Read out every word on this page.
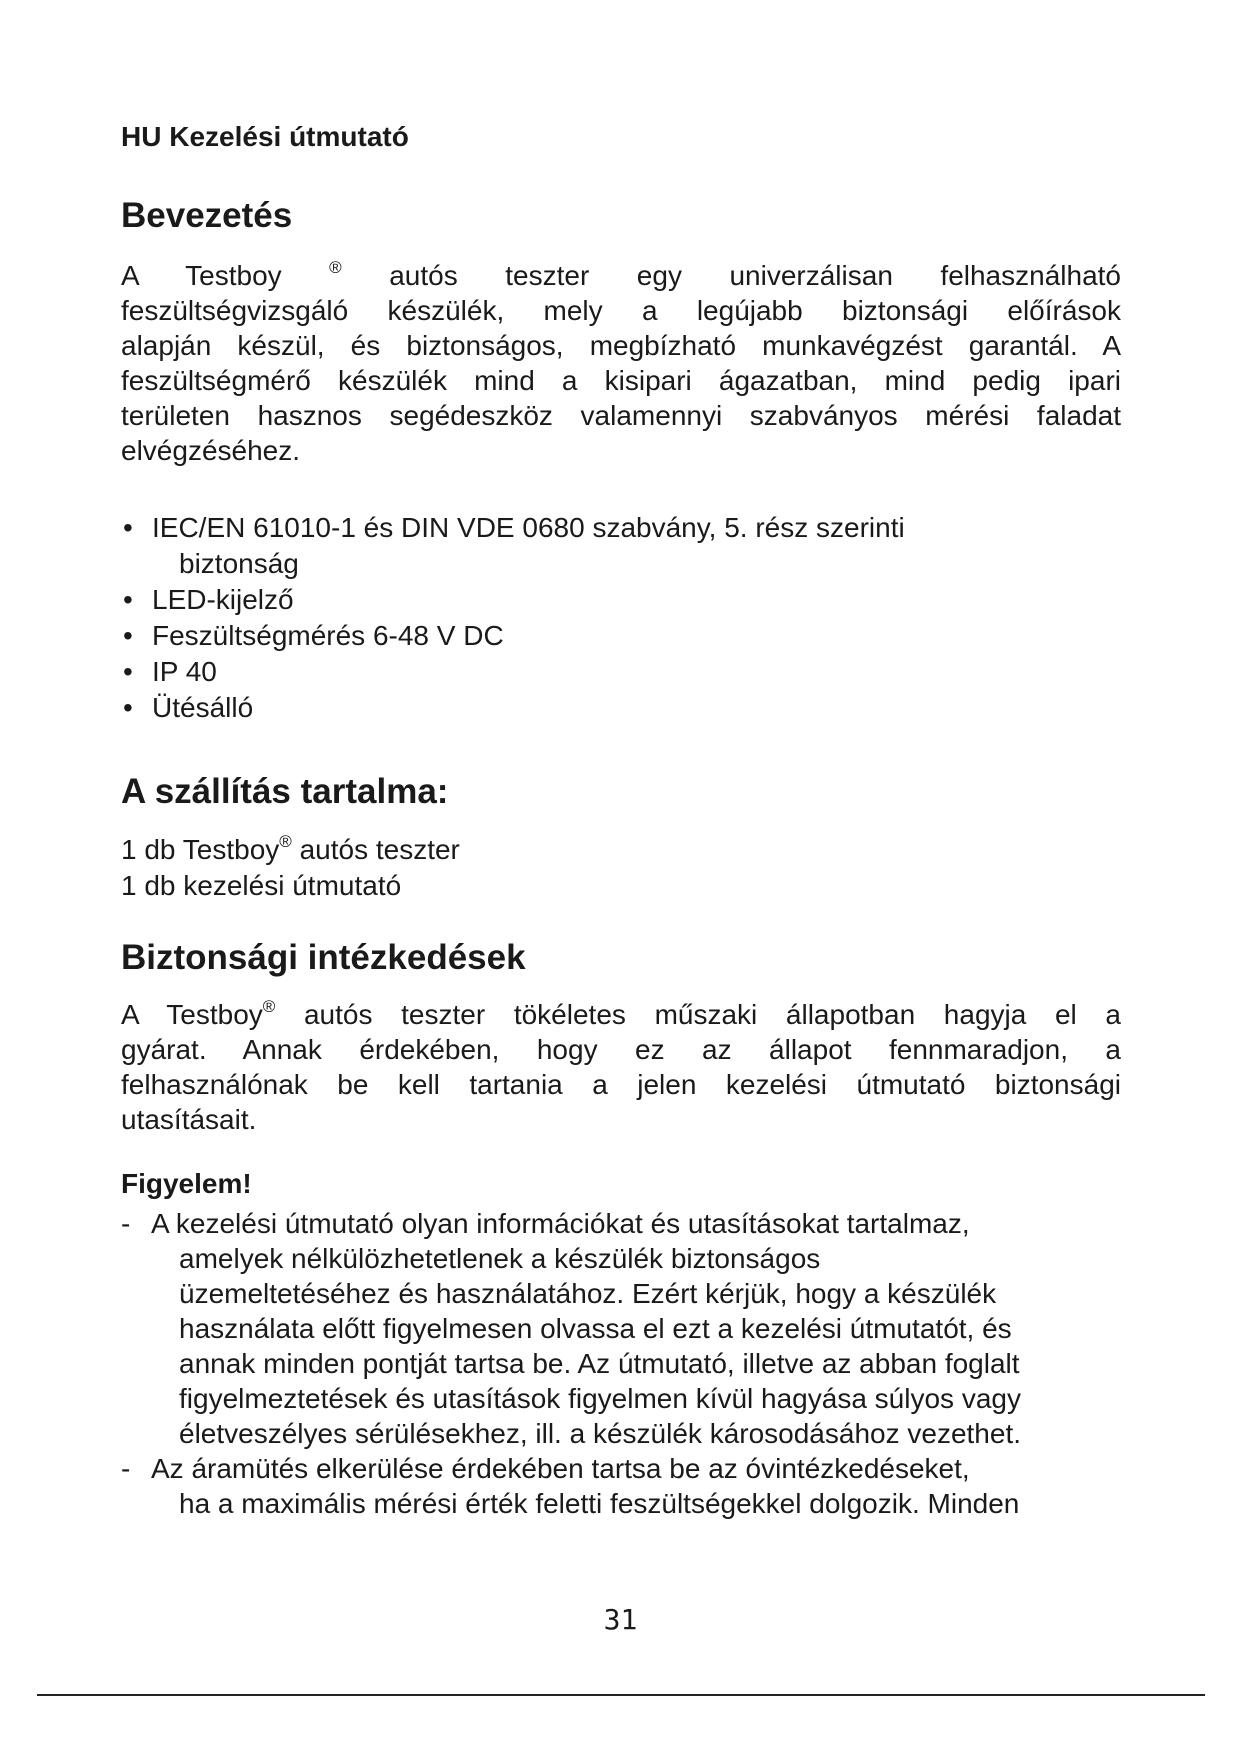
HU Kezelési útmutató
Bevezetés
A Testboy ® autós teszter egy univerzálisan felhasználható
feszültségvizsgáló készülék, mely a legújabb biztonsági előírások
alapján készül, és biztonságos, megbízható munkavégzést garantál. A
feszültségmérő készülék mind a kisipari ágazatban, mind pedig ipari
területen hasznos segédeszköz valamennyi szabványos mérési faladat
elvégzéséhez.
• IEC/EN 61010-1 és DIN VDE 0680 szabvány, 5. rész szerinti
biztonság
• LED-kijelző
• Feszültségmérés 6-48 V DC
• IP 40
• Ütésálló
A szállítás tartalma:
1 db Testboy® autós teszter
1 db kezelési útmutató
Biztonsági intézkedések
A Testboy® autós teszter tökéletes műszaki állapotban hagyja el a
gyárat. Annak érdekében, hogy ez az állapot fennmaradjon, a
felhasználónak be kell tartania a jelen kezelési útmutató biztonsági
utasításait.
Figyelem!
- A kezelési útmutató olyan információkat és utasításokat tartalmaz,
amelyek nélkülözhetetlenek a készülék biztonságos
üzemeltetéséhez és használatához. Ezért kérjük, hogy a készülék
használata előtt figyelmesen olvassa el ezt a kezelési útmutatót, és
annak minden pontját tartsa be. Az útmutató, illetve az abban foglalt
figyelmeztetések és utasítások figyelmen kívül hagyása súlyos vagy
életveszélyes sérülésekhez, ill. a készülék károsodásához vezethet.
- Az áramütés elkerülése érdekében tartsa be az óvintézkedéseket,
ha a maximális mérési érték feletti feszültségekkel dolgozik. Minden
31
